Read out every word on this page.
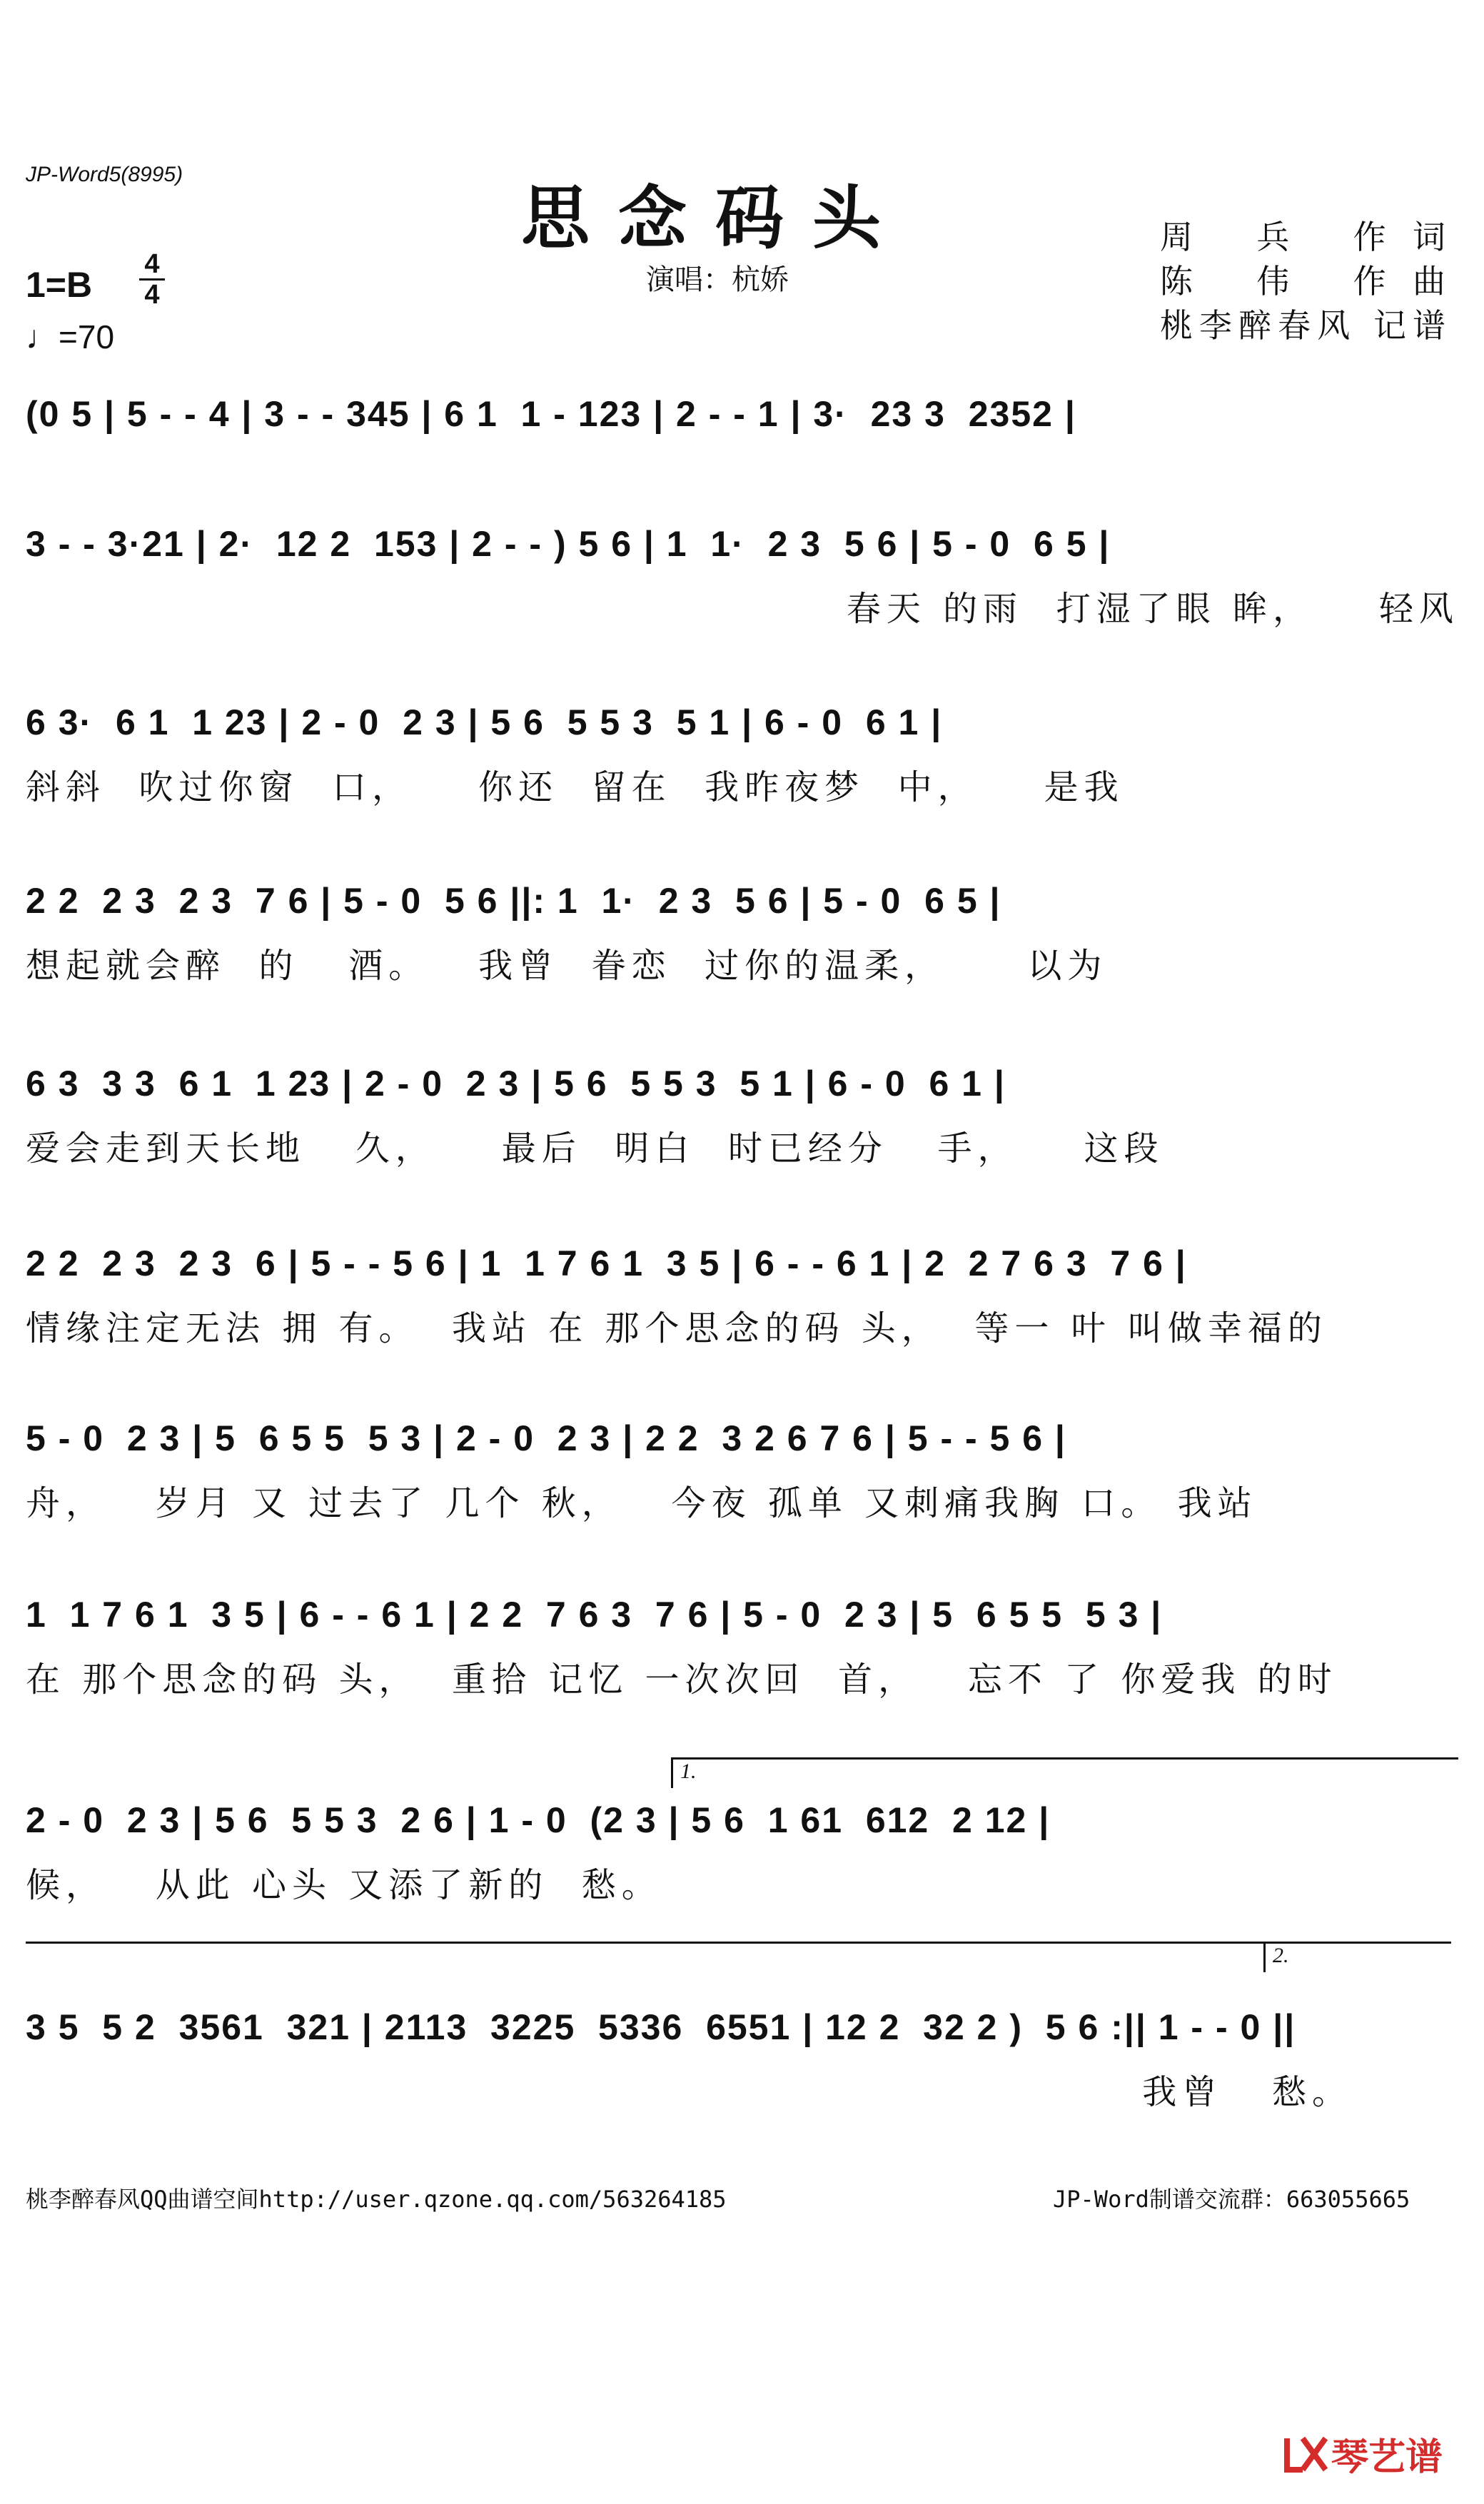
JP-Word5(8995)
思念码头
演唱：杭娇
周 兵 作词
陈 伟 作曲
桃李醉春风 记谱
1=B
4
4
♩=70
(0 5 | 5 - - 4 | 3 - - 345 | 6 1  1 - 123 | 2 - - 1 | 3·  23 3  2352 |
3 - - 3·21 | 2·  12 2  153 | 2 - - ) 5 6 | 1  1·  2 3  5 6 | 5 - 0  6 5 |
春天 的雨  打湿了眼 眸，    轻风
6 3·  6 1  1 23 | 2 - 0  2 3 | 5 6  5 5 3  5 1 | 6 - 0  6 1 |
斜斜  吹过你窗  口，    你还  留在  我昨夜梦  中，    是我
2 2  2 3  2 3  7 6 | 5 - 0  5 6 ||: 1  1·  2 3  5 6 | 5 - 0  6 5 |
想起就会醉  的   酒。   我曾  眷恋  过你的温柔，     以为
6 3  3 3  6 1  1 23 | 2 - 0  2 3 | 5 6  5 5 3  5 1 | 6 - 0  6 1 |
爱会走到天长地   久，    最后  明白  时已经分   手，    这段
2 2  2 3  2 3  6 | 5 - - 5 6 | 1  1 7 6 1  3 5 | 6 - - 6 1 | 2  2 7 6 3  7 6 |
情缘注定无法 拥 有。  我站 在 那个思念的码 头，  等一 叶 叫做幸福的
5 - 0  2 3 | 5  6 5 5  5 3 | 2 - 0  2 3 | 2 2  3 2 6 7 6 | 5 - - 5 6 |
舟，   岁月 又 过去了 几个 秋，   今夜 孤单 又刺痛我胸 口。 我站
1  1 7 6 1  3 5 | 6 - - 6 1 | 2 2  7 6 3  7 6 | 5 - 0  2 3 | 5  6 5 5  5 3 |
在 那个思念的码 头，  重拾 记忆 一次次回  首，   忘不 了 你爱我 的时
1.
2 - 0  2 3 | 5 6  5 5 3  2 6 | 1 - 0  (2 3 | 5 6  1 61  612  2 12 |
候，   从此 心头 又添了新的  愁。
2.
3 5  5 2  3561  321 | 2113  3225  5336  6551 | 12 2  32 2 )  5 6 :|| 1 - - 0 ||
我曾   愁。
桃李醉春风QQ曲谱空间http://user.qzone.qq.com/563264185	JP-Word制谱交流群：663055665
琴艺谱
